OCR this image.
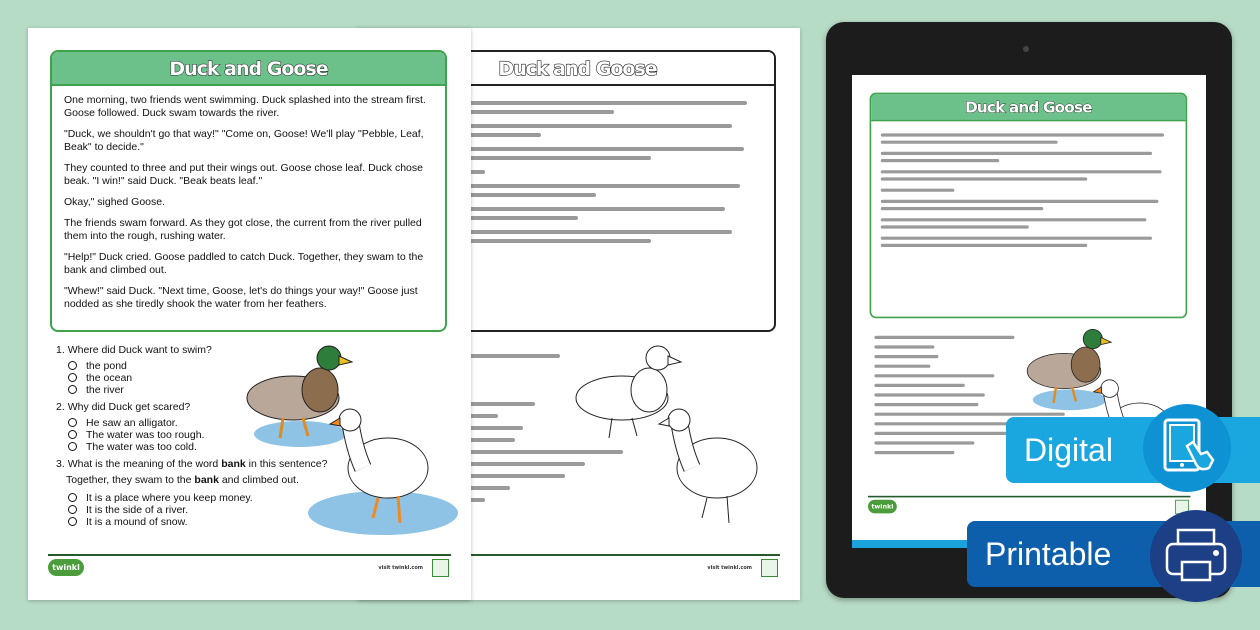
Duck and Goose
visit twinkl.com
Duck and Goose

One morning, two friends went swimming. Duck splashed into the stream first. Goose followed. Duck swam towards the river.

"Duck, we shouldn't go that way!" "Come on, Goose! We'll play "Pebble, Leaf, Beak" to decide."

They counted to three and put their wings out. Goose chose leaf. Duck chose beak. "I win!" said Duck. "Beak beats leaf."

Okay," sighed Goose.

The friends swam forward. As they got close, the current from the river pulled them into the rough, rushing water.

"Help!" Duck cried. Goose paddled to catch Duck. Together, they swam to the bank and climbed out.

"Whew!" said Duck. "Next time, Goose, let's do things your way!" Goose just nodded as she tiredly shook the water from her feathers.

1. Where did Duck want to swim?
the pond
the ocean
the river
2. Why did Duck get scared?
He saw an alligator.
The water was too rough.
The water was too cold.
3. What is the meaning of the word bank in this sentence?
Together, they swam to the bank and climbed out.
It is a place where you keep money.
It is the side of a river.
It is a mound of snow.
twinkl	visit twinkl.com
Duck and Goose
twinkl
Digital
Printable
